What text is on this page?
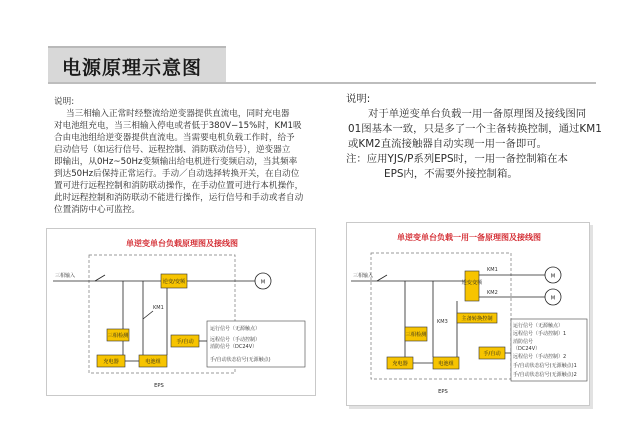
电源原理示意图

说明:

当三相输入正常时经整流给逆变器提供直流电，同时充电器

对电池组充电，当三相输入停电或者低于380V−15%时，KM1吸

合由电池组给逆变器提供直流电。当需要电机负载工作时，给予

启动信号（如运行信号、远程控制、消防联动信号），逆变器立

即输出，从0Hz~50Hz变频输出给电机进行变频启动，当其频率

到达50Hz后保持正常运行。手动／自动选择转换开关，在自动位

置可进行远程控制和消防联动操作，在手动位置可进行本机操作，

此时远程控制和消防联动不能进行操作，运行信号和手动或者自动

位置消防中心可监控。

说明:

对于单逆变单台负载一用一备原理图及接线图同

01图基本一致，只是多了一个主备转换控制，通过KM1

或KM2直流接触器自动实现一用一备即可。

注：应用YJS/P系列EPS时，一用一备控制箱在本

EPS内，不需要外接控制箱。

单逆变单台负载原理图及接线图
三相输入
逆变/变频	M
KM1
三相检测
手/自动
充电器	电池组
运行信号（无源触点）
远程信号（手动控制）
消防信号（DC24V）
手/自动状态信号(无源触点)
EPS
单逆变单台负载一用一备原理图及接线图
三相输入
逆变变频
KM1
KM2
M
M
KM3
三相检测
主备转换控制
手/自动
充电器	电池组
运行信号（无源触点）
远程信号（手动控制）1
消防信号
（DC24V）
远程信号（手动控制）2
手/自动状态信号(无源触点)1
手/自动状态信号(无源触点)2
EPS
